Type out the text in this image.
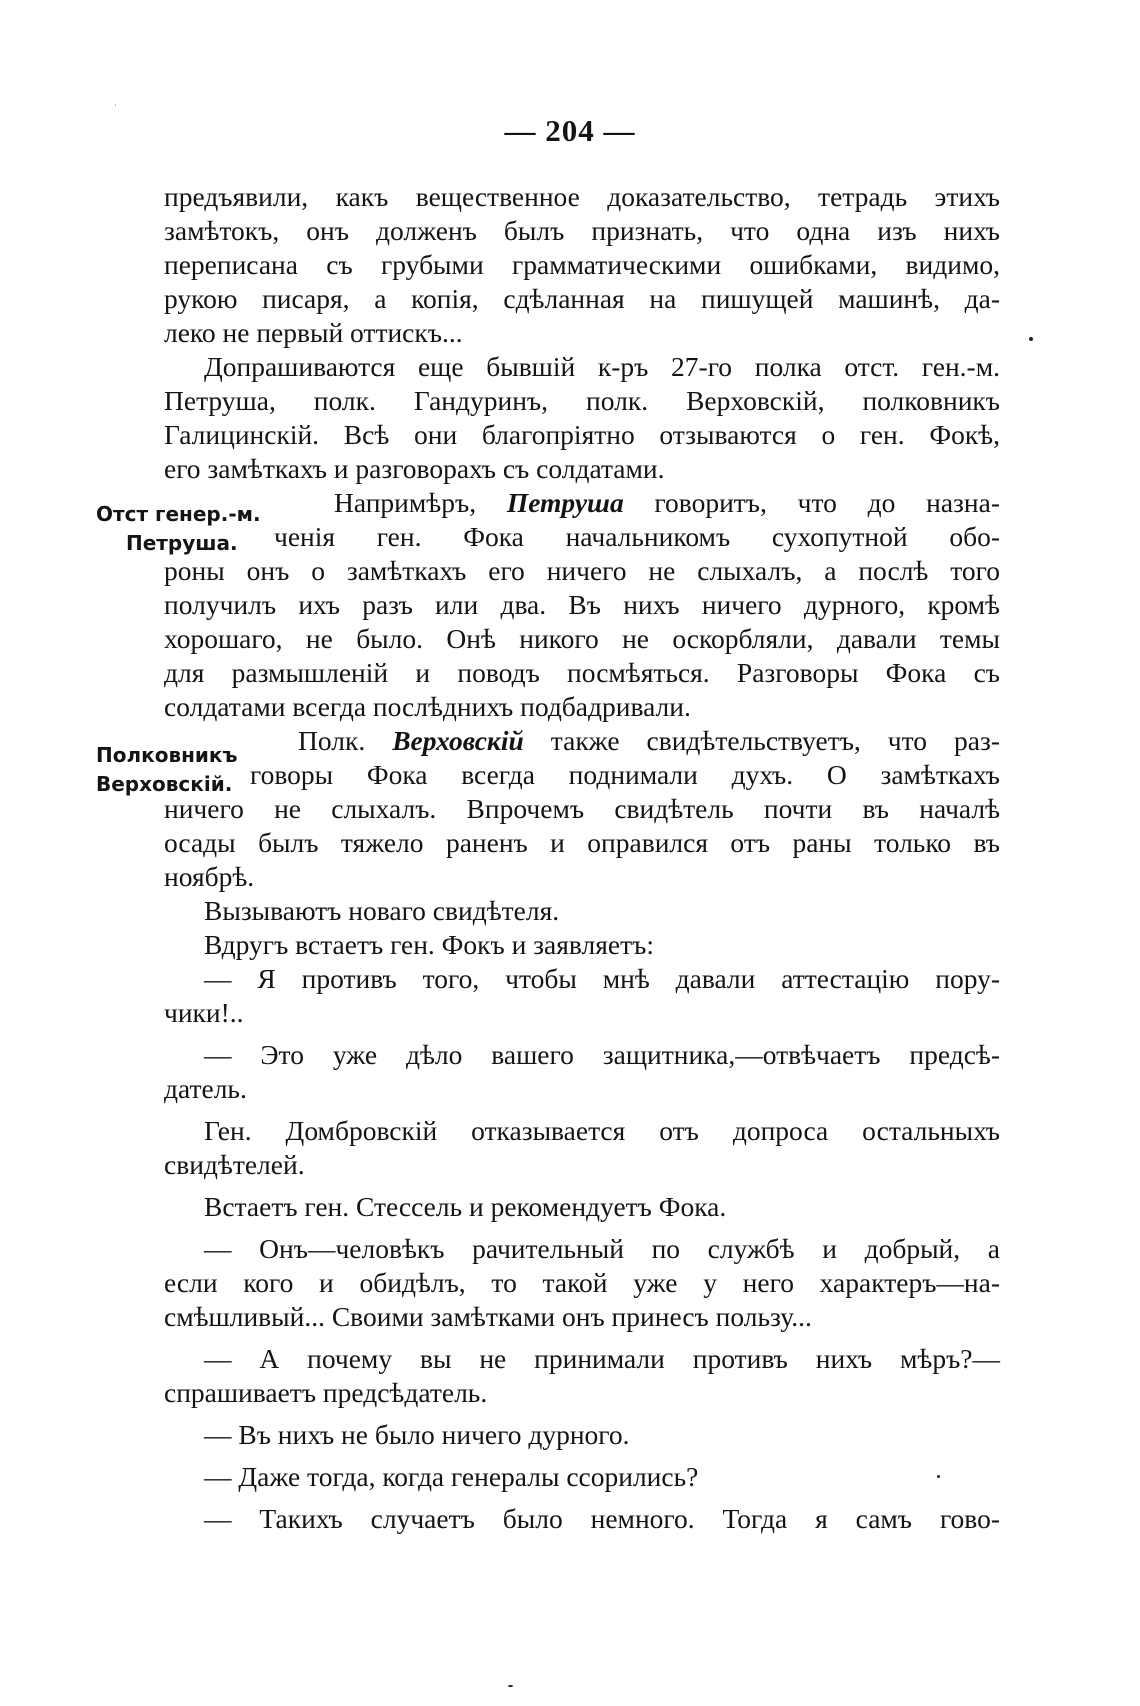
— 204 —
Отст генер.-м.
Петруша.
Полковникъ
Верховскій.
предъявили, какъ вещественное доказательство, тетрадь этихъ
замѣтокъ, онъ долженъ былъ признать, что одна изъ нихъ
переписана съ грубыми грамматическими ошибками, видимо,
рукою писаря, а копія, сдѣланная на пишущей машинѣ, да-
леко не первый оттискъ...
Допрашиваются еще бывшій к-ръ 27-го полка отст. ген.-м.
Петруша, полк. Гандуринъ, полк. Верховскій, полковникъ
Галицинскій. Всѣ они благопріятно отзываются о ген. Фокѣ,
его замѣткахъ и разговорахъ съ солдатами.
Напримѣръ, Петруша говоритъ, что до назна-
ченія ген. Фока начальникомъ сухопутной обо-
роны онъ о замѣткахъ его ничего не слыхалъ, а послѣ того
получилъ ихъ разъ или два. Въ нихъ ничего дурного, кромѣ
хорошаго, не было. Онѣ никого не оскорбляли, давали темы
для размышленій и поводъ посмѣяться. Разговоры Фока съ
солдатами всегда послѣднихъ подбадривали.
Полк. Верховскій также свидѣтельствуетъ, что раз-
говоры Фока всегда поднимали духъ. О замѣткахъ
ничего не слыхалъ. Впрочемъ свидѣтель почти въ началѣ
осады былъ тяжело раненъ и оправился отъ раны только въ
ноябрѣ.
Вызываютъ новаго свидѣтеля.
Вдругъ встаетъ ген. Фокъ и заявляетъ:
— Я противъ того, чтобы мнѣ давали аттестацію пору-
чики!..
— Это уже дѣло вашего защитника,—отвѣчаетъ предсѣ-
датель.
Ген. Домбровскій отказывается отъ допроса остальныхъ
свидѣтелей.
Встаетъ ген. Стессель и рекомендуетъ Фока.
— Онъ—человѣкъ рачительный по службѣ и добрый, а
если кого и обидѣлъ, то такой уже у него характеръ—на-
смѣшливый... Своими замѣтками онъ принесъ пользу...
— А почему вы не принимали противъ нихъ мѣръ?—
спрашиваетъ предсѣдатель.
— Въ нихъ не было ничего дурного.
— Даже тогда, когда генералы ссорились?
— Такихъ случаетъ было немного. Тогда я самъ гово-
